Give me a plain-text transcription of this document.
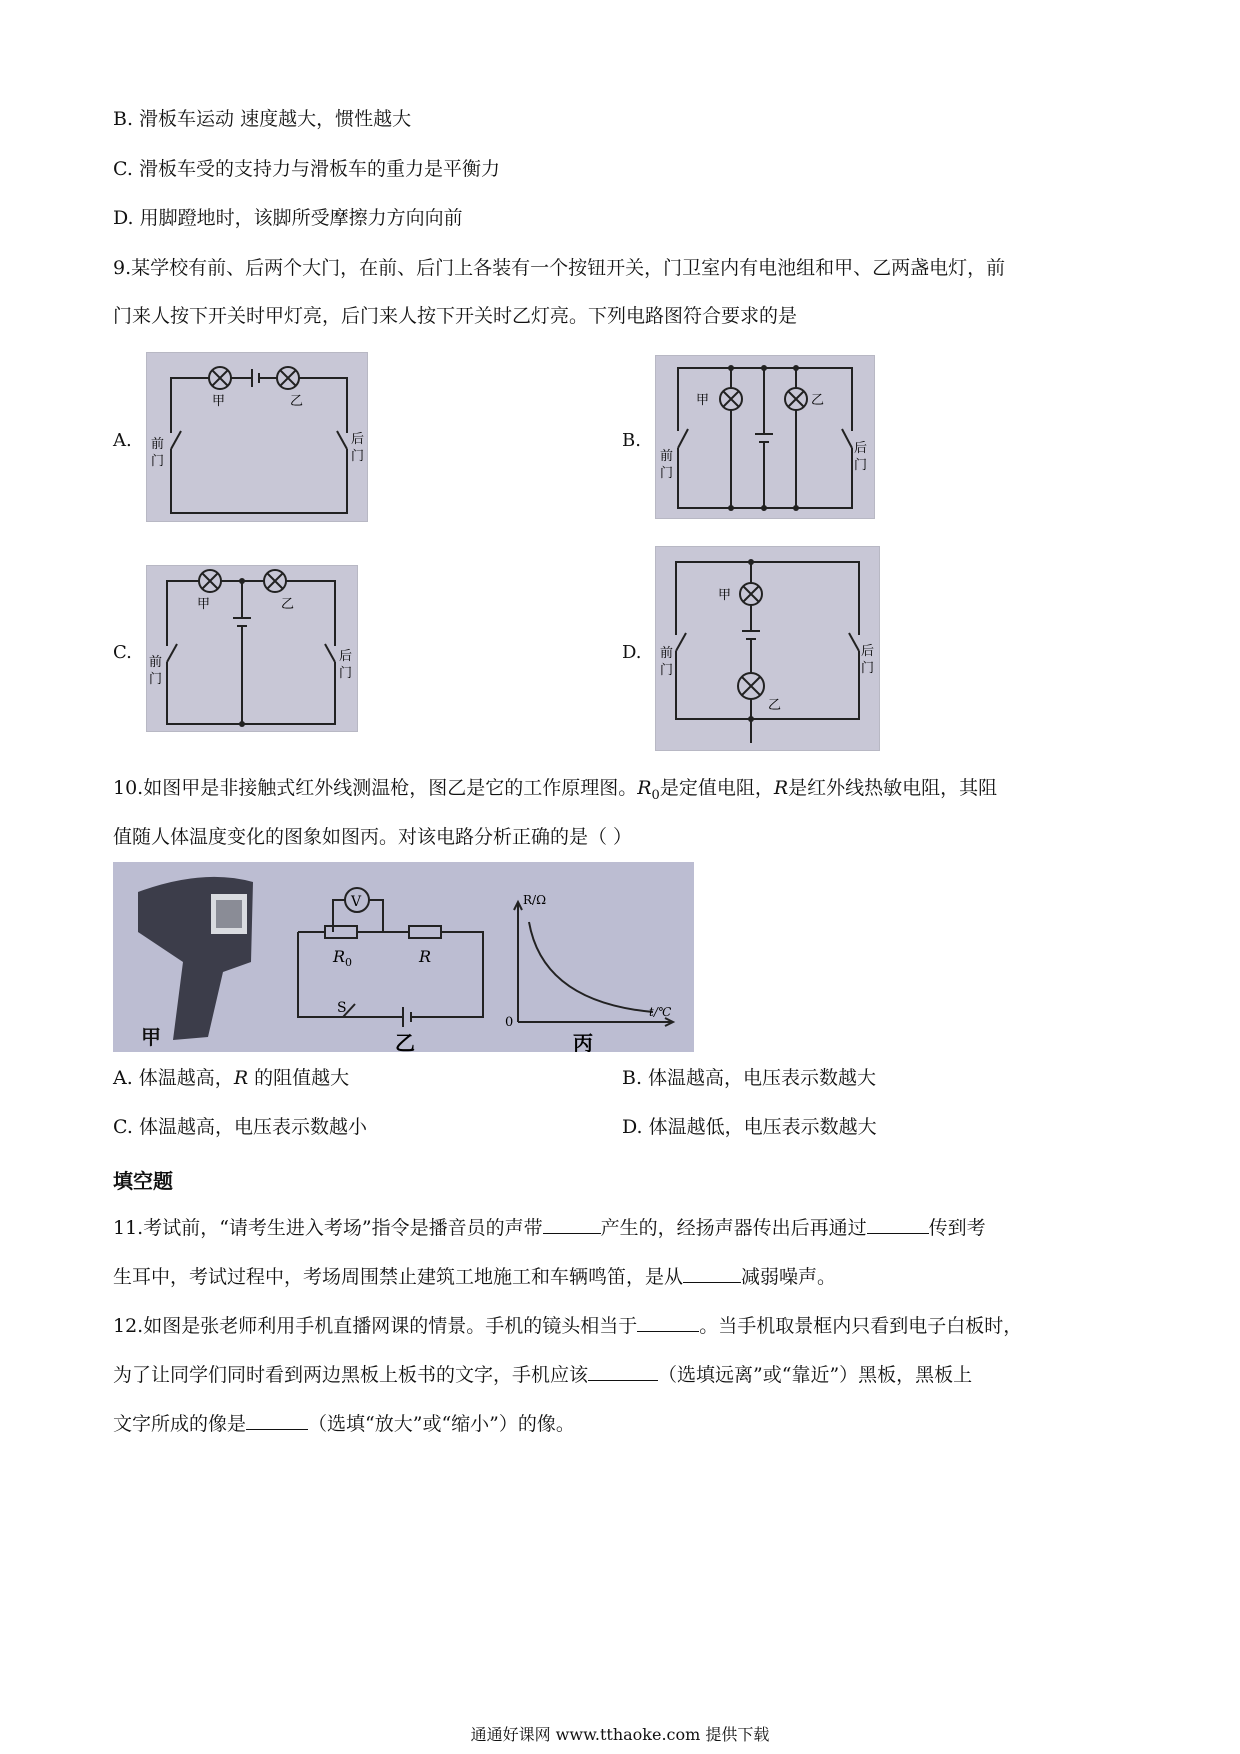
B. 滑板车运动 速度越大，惯性越大
C. 滑板车受的支持力与滑板车的重力是平衡力
D. 用脚蹬地时，该脚所受摩擦力方向向前
9.某学校有前、后两个大门，在前、后门上各装有一个按钮开关，门卫室内有电池组和甲、乙两盏电灯，前
门来人按下开关时甲灯亮，后门来人按下开关时乙灯亮。下列电路图符合要求的是
A.	B.
C.	D.
甲	乙
前
门
后
门
甲	乙
前
门
后
门
甲	乙
前
门
后
门
甲
乙
前
门
后
门
10.如图甲是非接触式红外线测温枪，图乙是它的工作原理图。$R_0$是定值电阻，R是红外线热敏电阻，其阻
值随人体温度变化的图象如图丙。对该电路分析正确的是（ ）
甲
V
R 0	R
S
乙
R/Ω
t/℃
0
丙
A. 体温越高，R 的阻值越大	B. 体温越高，电压表示数越大
C. 体温越高，电压表示数越小	D. 体温越低，电压表示数越大
填空题
11.考试前，“请考生进入考场”指令是播音员的声带	产生的，经扬声器传出后再通过	传到考
生耳中，考试过程中，考场周围禁止建筑工地施工和车辆鸣笛，是从	减弱噪声。
12.如图是张老师利用手机直播网课的情景。手机的镜头相当于	。当手机取景框内只看到电子白板时，
为了让同学们同时看到两边黑板上板书的文字，手机应该	（选填远离”或“靠近”）黑板，黑板上
文字所成的像是	（选填“放大”或“缩小”）的像。
通通好课网 www.tthaoke.com 提供下载
